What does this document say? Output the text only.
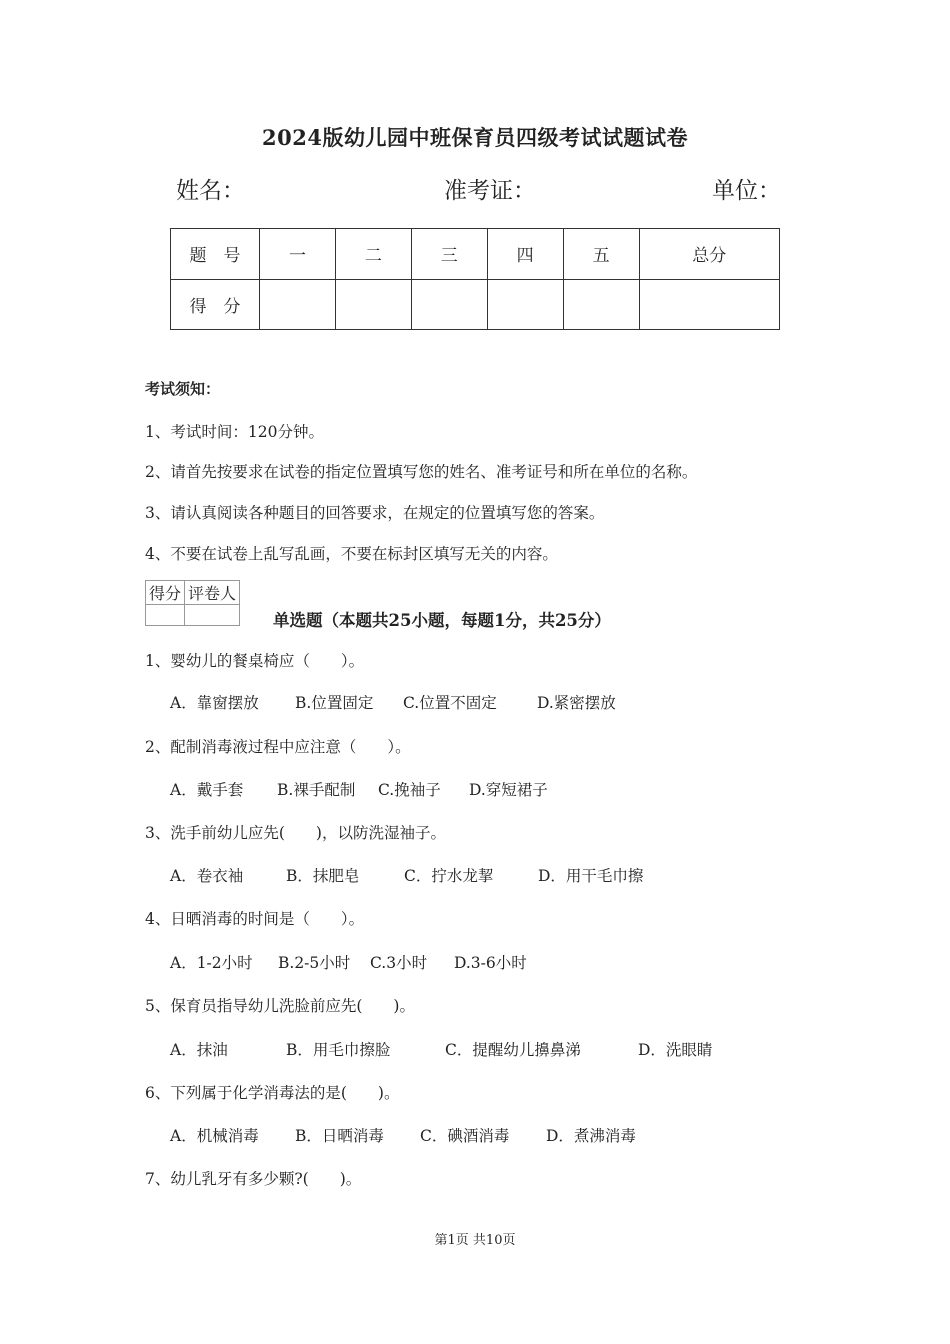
2024版幼儿园中班保育员四级考试试题试卷
姓名：	准考证：	单位：
题　号	一	二	三	四	五	总分
得　分						
考试须知：
1、考试时间：120分钟。
2、请首先按要求在试卷的指定位置填写您的姓名、准考证号和所在单位的名称。
3、请认真阅读各种题目的回答要求，在规定的位置填写您的答案。
4、不要在试卷上乱写乱画，不要在标封区填写无关的内容。
得分	评卷人

单选题（本题共25小题，每题1分，共25分）
1、婴幼儿的餐桌椅应（　　）。
A．靠窗摆放 B.位置固定 C.位置不固定	D.紧密摆放
2、配制消毒液过程中应注意（　　）。
A．戴手套 B.裸手配制 C.挽袖子 D.穿短裙子
3、洗手前幼儿应先(　　)，以防洗湿袖子。
A．卷衣袖	B．抹肥皂	C．拧水龙挈	D．用干毛巾擦
4、日晒消毒的时间是（　　）。
A．1-2小时 B.2-5小时 C.3小时 D.3-6小时
5、保育员指导幼儿洗脸前应先(　　)。
A．抹油	B．用毛巾擦脸	C．提醒幼儿擤鼻涕	D．洗眼睛
6、下列属于化学消毒法的是(　　)。
A．机械消毒 B．日晒消毒 C．碘酒消毒 D．煮沸消毒
7、幼儿乳牙有多少颗?(　　)。
第1页 共10页
